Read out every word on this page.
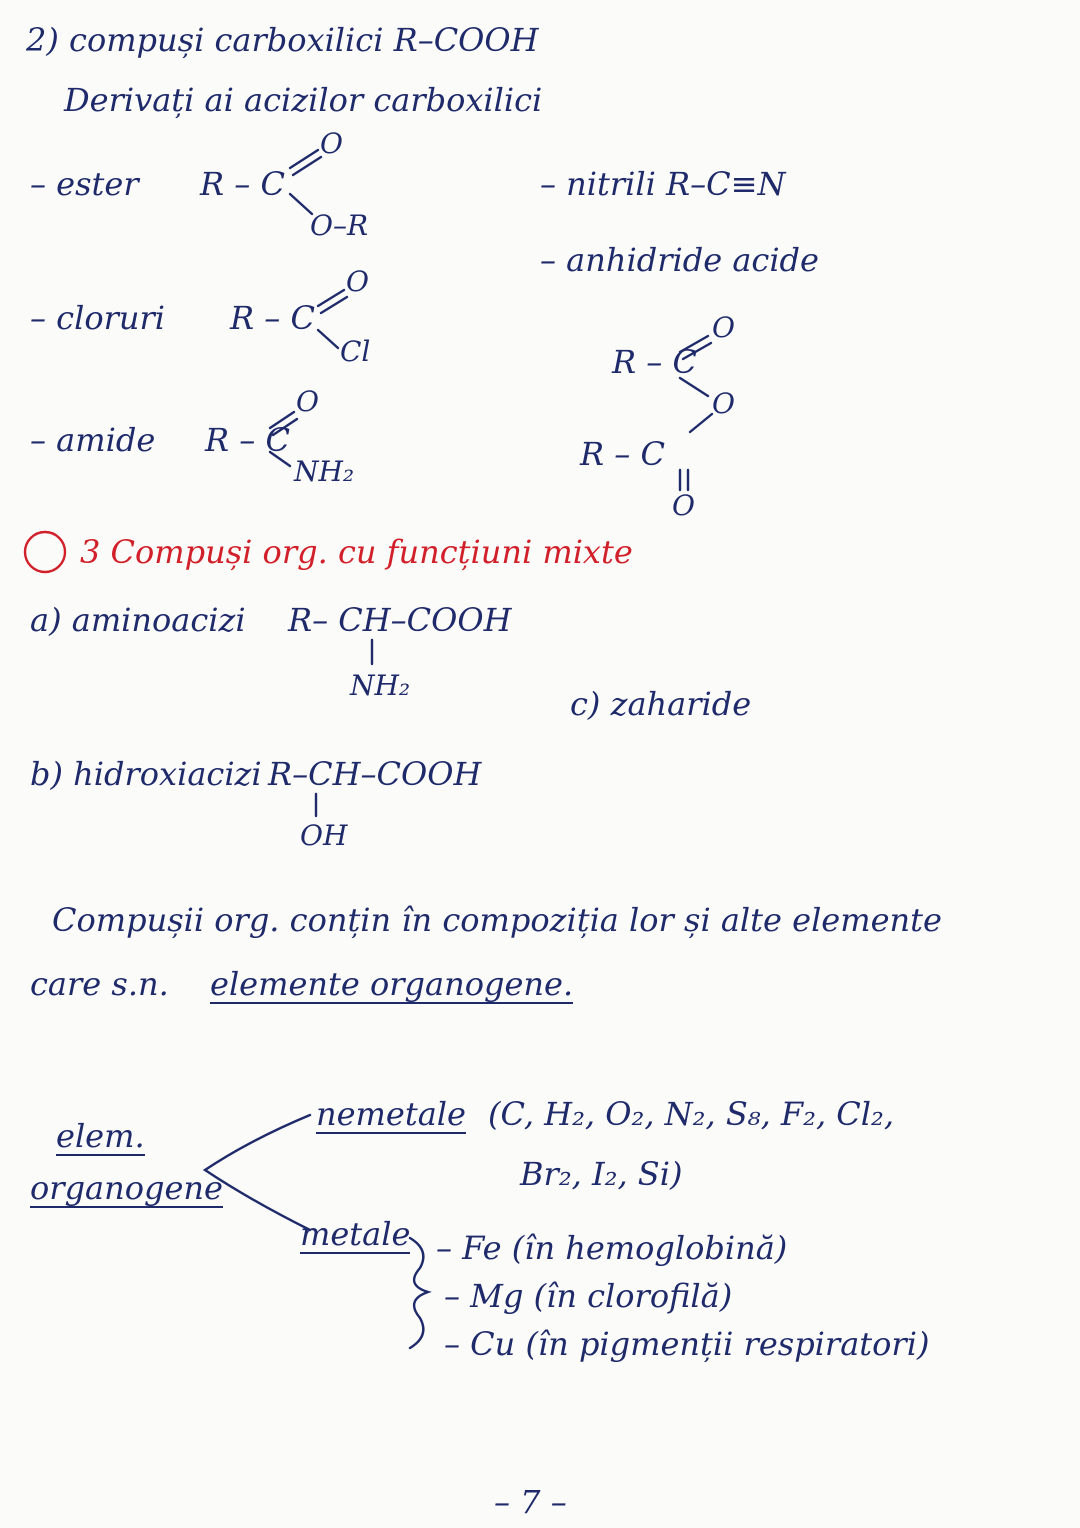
2) compuși carboxilici R–COOH
Derivați ai acizilor carboxilici
– ester R – C
O
O–R
– cloruri R – C
O
Cl
– amide R – C
O
NH₂
– nitrili R–C≡N
– anhidride acide
R – C
O
O
R – C
O
3 Compuși org. cu funcțiuni mixte
a) aminoacizi R– CH–COOH
NH₂	c) zaharide
b) hidroxiacizi R–CH–COOH
OH
Compușii org. conțin în compoziția lor și alte elemente
care s.n. elemente organogene.
elem.
organogene
nemetale (C, H₂, O₂, N₂, S₈, F₂, Cl₂,
Br₂, I₂, Si)
metale – Fe (în hemoglobină)
– Mg (în clorofilă)
– Cu (în pigmenții respiratori)
– 7 –
